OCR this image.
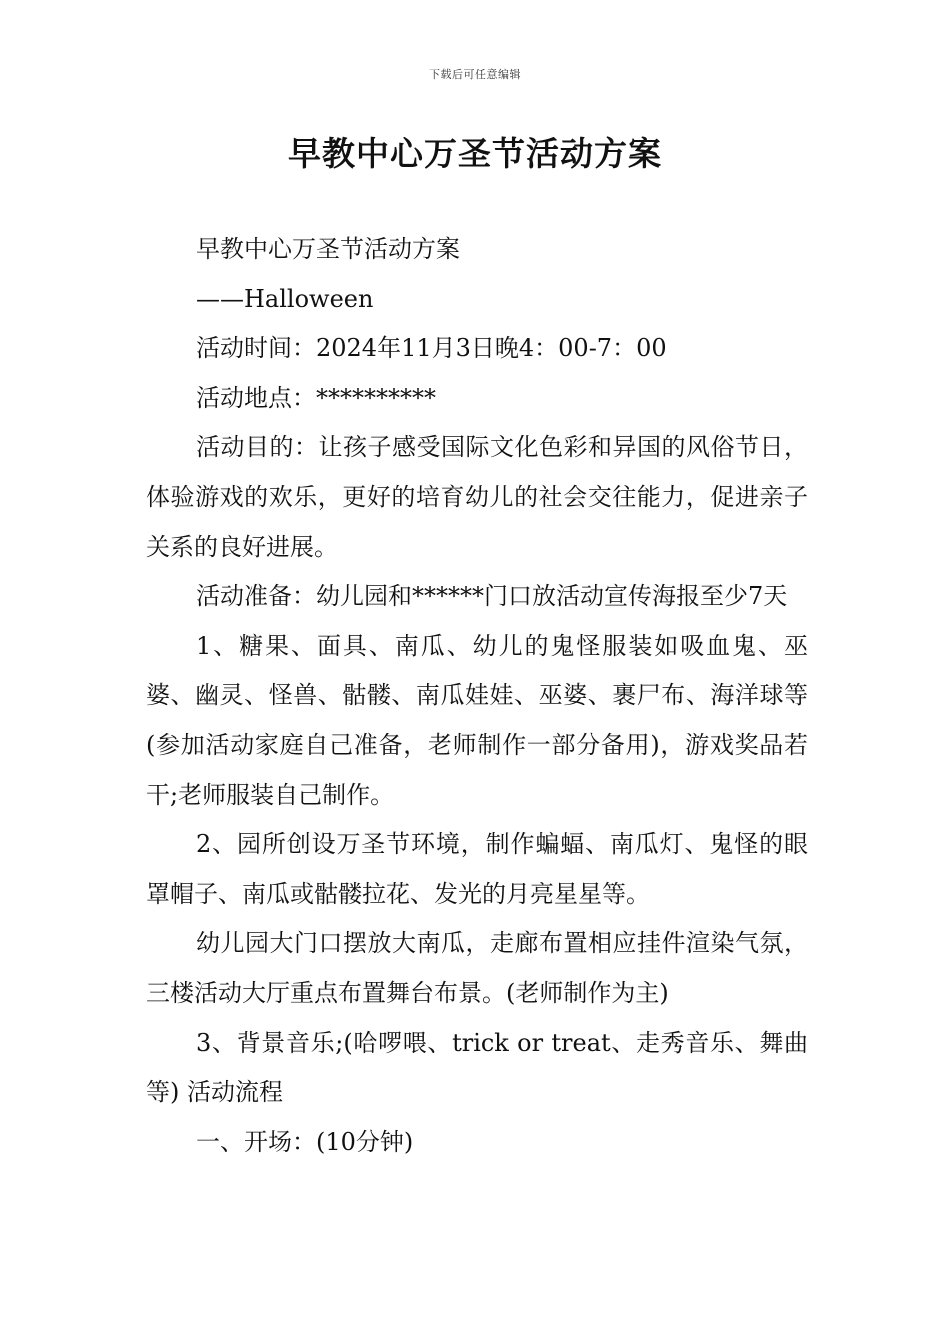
下载后可任意编辑
早教中心万圣节活动方案

早教中心万圣节活动方案

——Halloween

活动时间：2024年11月3日晚4：00-7：00

活动地点：**********

活动目的：让孩子感受国际文化色彩和异国的风俗节日，体验游戏的欢乐，更好的培育幼儿的社会交往能力，促进亲子关系的良好进展。

活动准备：幼儿园和******门口放活动宣传海报至少7天

1、糖果、面具、南瓜、幼儿的鬼怪服装如吸血鬼、巫婆、幽灵、怪兽、骷髅、南瓜娃娃、巫婆、裹尸布、海洋球等(参加活动家庭自己准备，老师制作一部分备用)，游戏奖品若干;老师服装自己制作。

2、园所创设万圣节环境，制作蝙蝠、南瓜灯、鬼怪的眼罩帽子、南瓜或骷髅拉花、发光的月亮星星等。

幼儿园大门口摆放大南瓜，走廊布置相应挂件渲染气氛，三楼活动大厅重点布置舞台布景。(老师制作为主)

3、背景音乐;(哈啰喂、trick or treat、走秀音乐、舞曲等) 活动流程

一、开场：(10分钟)
